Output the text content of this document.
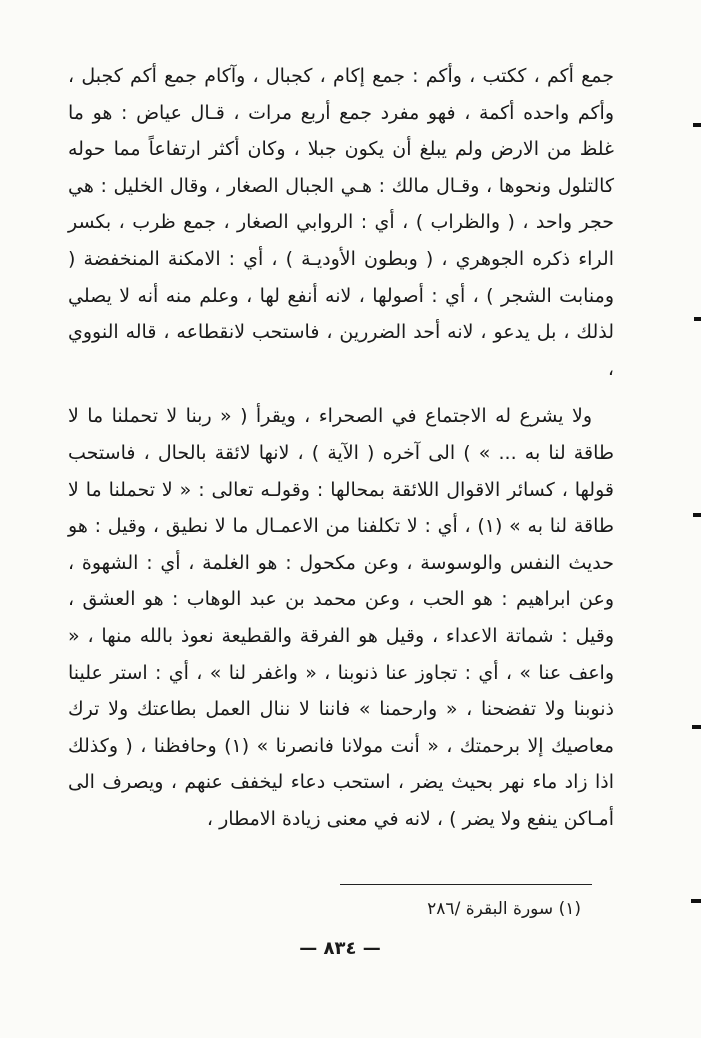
جمع أكم ، ككتب ، وأكم : جمع إكام ، كجبال ، وآكام جمع أكم كجبل ، وأكم واحده أكمة ، فهو مفرد جمع أربع مرات ، قـال عياض : هو ما غلظ من الارض ولم يبلغ أن يكون جبلا ، وكان أكثر ارتفاعاً مما حوله كالتلول ونحوها ، وقـال مالك : هـي الجبال الصغار ، وقال الخليل : هي حجر واحد ، ( والظراب ) ، أي : الروابي الصغار ، جمع ظرب ، بكسر الراء ذكره الجوهري ، ( وبطون الأوديـة ) ، أي : الامكنة المنخفضة ( ومنابت الشجر ) ، أي : أصولها ، لانه أنفع لها ، وعلم منه أنه لا يصلي لذلك ، بل يدعو ، لانه أحد الضررين ، فاستحب لانقطاعه ، قاله النووي ،

ولا يشرع له الاجتماع في الصحراء ، ويقرأ ( « ربنا لا تحملنا ما لا طاقة لنا به ... » ) الى آخره ( الآية ) ، لانها لائقة بالحال ، فاستحب قولها ، كسائر الاقوال اللائقة بمحالها : وقولـه تعالى : « لا تحملنا ما لا طاقة لنا به » (١) ، أي : لا تكلفنا من الاعمـال ما لا نطيق ، وقيل : هو حديث النفس والوسوسة ، وعن مكحول : هو الغلمة ، أي : الشهوة ، وعن ابراهيم : هو الحب ، وعن محمد بن عبد الوهاب : هو العشق ، وقيل : شماتة الاعداء ، وقيل هو الفرقة والقطيعة نعوذ بالله منها ، « واعف عنا » ، أي : تجاوز عنا ذنوبنا ، « واغفر لنا » ، أي : استر علينا ذنوبنا ولا تفضحنا ، « وارحمنا » فاننا لا ننال العمل بطاعتك ولا ترك معاصيك إلا برحمتك ، « أنت مولانا فانصرنا » (١) وحافظنا ، ( وكذلك اذا زاد ماء نهر بحيث يضر ، استحب دعاء ليخفف عنهم ، ويصرف الى أمـاكن ينفع ولا يضر ) ، لانه في معنى زيادة الامطار ،

(١) سورة البقرة /٢٨٦
— ٨٣٤ —
